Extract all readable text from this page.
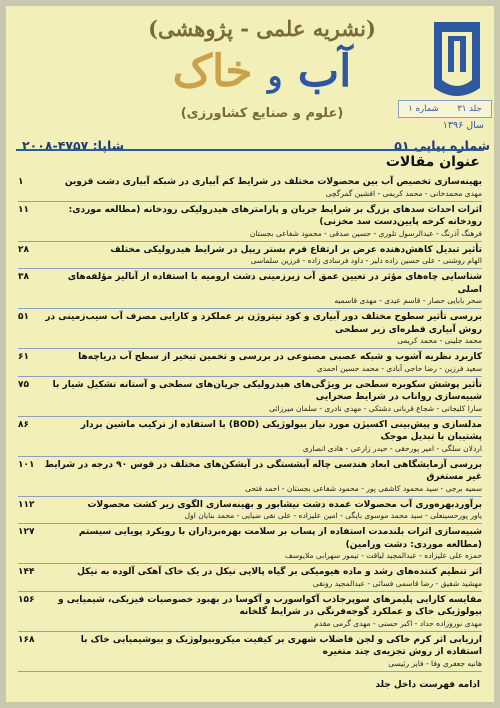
(نشریه علمی - پژوهشی)
آب و خاک
(علوم و صنایع کشاورزی)	جلد ۳۱
شماره ۱
سال ۱۳۹۶
شماره پیاپی ۵۱
شاپا: ۴۷۵۷-۲۰۰۸
عنوان مقالات
بهینه‌سازی تخصیص آب بین محصولات مختلف در شرایط کم آبیاری در شبکه آبیاری دشت قزوین
۱
مهدی محمدخانی - محمد کریمی - افشین گمرگچی
اثرات احداث سدهای بزرگ بر شرایط جریان و پارامترهای هیدرولیکی رودخانه (مطالعه موردی: رودخانه کرخه پایین‌دست سد مخزنی)
۱۱
فرهنگ آذرنگ - عبدالرسول تلوری - حسین صدقی - محمود شفاعی بجستان
تأثیر تبدیل کاهش‌دهنده عرض بر ارتفاع فرم بستر ریپل در شرایط هیدرولیکی مختلف
۲۸
الهام روشنی - علی حسین زاده دلیر - داود فرسادی زاده - فرزین سلماسی
شناسایی چاه‌های مؤثر در تعیین عمق آب زیرزمینی دشت ارومیه با استفاده از آنالیز مؤلفه‌های اصلی
۳۸
سحر بابایی حصار - قاسم عیدی - مهدی قاسمیه
بررسی تأثیر سطوح مختلف دور آبیاری و کود نیتروژن بر عملکرد و کارایی مصرف آب سیب‌زمینی در روش آبیاری قطره‌ای زیر سطحی
۵۱
محمد جلینی - محمد کریمی
کاربرد نظریه آشوب و شبکه عصبی مصنوعی در بررسی و تخمین تبخیر از سطح آب دریاچه‌ها
۶۱
سعید فرزین - رضا حاجی آبادی - محمد حسین احمدی
تأثیر پوشش سکوبره سطحی بر ویژگی‌های هیدرولیکی جریان‌های سطحی و آستانه تشکیل شیار با شبیه‌سازی رواناب در شرایط صحرایی
۷۵
سارا کلیجانی - شجاع قربانی دشتکی - مهدی نادری - سلمان میرزائی
مدلسازی و پیش‌بینی اکسیژن مورد نیاز بیولوژیکی (BOD) با استفاده از ترکیب ماشین بردار پشتیبان با تبدیل موجک
۸۶
اردلان سلگی - امیر پورحقی - حیدر زارعی - هادی انصاری
بررسی آزمایشگاهی ابعاد هندسی چاله آبشستگی در آبشکن‌های مختلف در قوس ۹۰ درجه در شرایط غیر مستغرق
۱۰۱
سمیه برجی - سید محمود کاشفی پور - محمود شفاعی بجستان - احمد فتحی
برآوردبهره‌وری آب محصولات عمده دشت نیشابور و بهینه‌سازی الگوی زیر کشت محصولات
۱۱۲
یاور پورحسینعلی - سید محمد موسوی بایگی - امین علیزاده - علی نقی ضیایی - محمد بنایان اول
شبیه‌سازی اثرات بلندمدت استفاده از پساب بر سلامت بهره‌برداران با رویکرد پویایی سیستم (مطالعه موردی: دشت ورامین)
۱۲۷
حمزه علی علیزاده - عبدالمجید لیاقت - تیمور سهرابی ملایوسف
اثر تنظیم کننده‌های رشد و ماده هیومیکی بر گیاه پالایی نیکل در یک خاک آهکی آلوده به نیکل
۱۴۴
مهشید شفیق - رضا قاسمی فسائی - عبدالمجید رونقی
مقایسه کارایی پلیمرهای سوپرجاذب آکواسورب و آکوسا در بهبود خصوصیات فیزیکی، شیمیایی و بیولوژیکی خاک و عملکرد گوجه‌فرنگی در شرایط گلخانه
۱۵۶
مهدی نوروزاده حداد - اکبر حسنی - مهدی گرمی مقدم
ارزیابی اثر کرم خاکی و لجن فاضلاب شهری بر کیفیت میکروبیولوژیک و بیوشیمیایی خاک با استفاده از روش تجزیه‌ی چند متغیره
۱۶۸
هانیه جعفری وفا - فایز رئیسی
ادامه فهرست داخل جلد
